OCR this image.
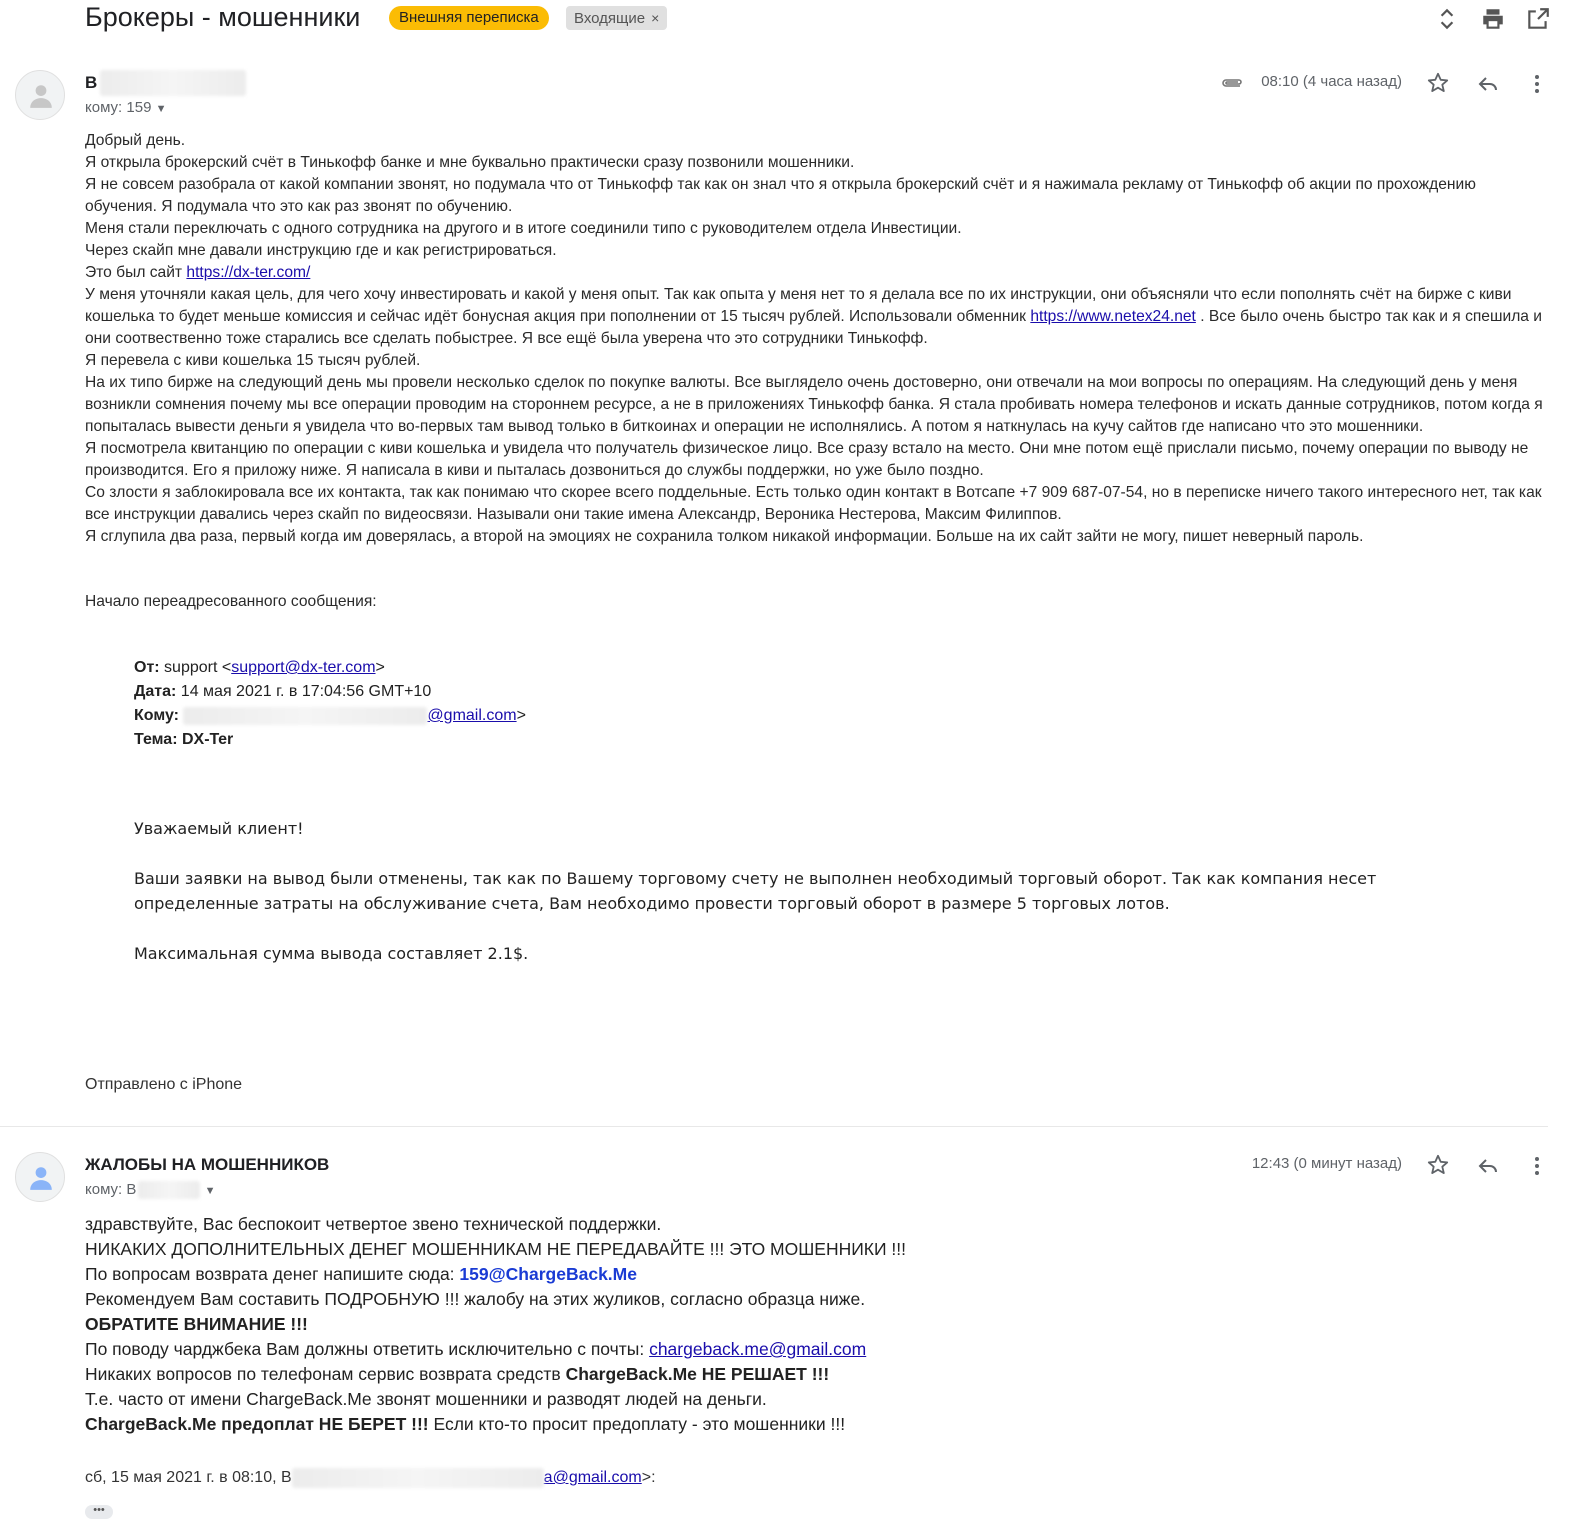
Брокеры - мошенники	Внешняя переписка	Входящие ×
В
кому: 159 ▼
08:10 (4 часа назад)

Добрый день.

Я открыла брокерский счёт в Тинькофф банке и мне буквально практически сразу позвонили мошенники.

Я не совсем разобрала от какой компании звонят, но подумала что от Тинькофф так как он знал что я открыла брокерский счёт и я нажимала рекламу от Тинькофф об акции по прохождению обучения. Я подумала что это как раз звонят по обучению.

Меня стали переключать с одного сотрудника на другого и в итоге соединили типо с руководителем отдела Инвестиции.

Через скайп мне давали инструкцию где и как регистрироваться.

Это был сайт https://dx-ter.com/

У меня уточняли какая цель, для чего хочу инвестировать и какой у меня опыт. Так как опыта у меня нет то я делала все по их инструкции, они объясняли что если пополнять счёт на бирже с киви кошелька то будет меньше комиссия и сейчас идёт бонусная акция при пополнении от 15 тысяч рублей. Использовали обменник https://www.netex24.net . Все было очень быстро так как и я спешила и они соотвественно тоже старались все сделать побыстрее. Я все ещё была уверена что это сотрудники Тинькофф.

Я перевела с киви кошелька 15 тысяч рублей.

На их типо бирже на следующий день мы провели несколько сделок по покупке валюты. Все выглядело очень достоверно, они отвечали на мои вопросы по операциям. На следующий день у меня возникли сомнения почему мы все операции проводим на стороннем ресурсе, а не в приложениях Тинькофф банка. Я стала пробивать номера телефонов и искать данные сотрудников, потом когда я попыталась вывести деньги я увидела что во-первых там вывод только в биткоинах и операции не исполнялись. А потом я наткнулась на кучу сайтов где написано что это мошенники.

Я посмотрела квитанцию по операции с киви кошелька и увидела что получатель физическое лицо. Все сразу встало на место. Они мне потом ещё прислали письмо, почему операции по выводу не производится. Его я приложу ниже. Я написала в киви и пыталась дозвониться до службы поддержки, но уже было поздно.

Со злости я заблокировала все их контакта, так как понимаю что скорее всего поддельные. Есть только один контакт в Вотсапе +7 909 687-07-54, но в переписке ничего такого интересного нет, так как все инструкции давались через скайп по видеосвязи. Называли они такие имена Александр, Вероника Нестерова, Максим Филиппов.

Я сглупила два раза, первый когда им доверялась, а второй на эмоциях не сохранила толком никакой информации. Больше на их сайт зайти не могу, пишет неверный пароль.

Начало переадресованного сообщения:
От: support <support@dx-ter.com>
Дата: 14 мая 2021 г. в 17:04:56 GMT+10
Кому:	@gmail.com>
Тема: DX-Ter

Уважаемый клиент!

Ваши заявки на вывод были отменены, так как по Вашему торговому счету не выполнен необходимый торговый оборот. Так как компания несет определенные затраты на обслуживание счета, Вам необходимо провести торговый оборот в размере 5 торговых лотов.

Максимальная сумма вывода составляет 2.1$.

Отправлено с iPhone
ЖАЛОБЫ НА МОШЕННИКОВ
кому: В	▼
12:43 (0 минут назад)

здравствуйте, Вас беспокоит четвертое звено технической поддержки.

НИКАКИХ ДОПОЛНИТЕЛЬНЫХ ДЕНЕГ МОШЕННИКАМ НЕ ПЕРЕДАВАЙТЕ !!! ЭТО МОШЕННИКИ !!!

По вопросам возврата денег напишите сюда: 159@ChargeBack.Me

Рекомендуем Вам составить ПОДРОБНУЮ !!! жалобу на этих жуликов, согласно образца ниже.

ОБРАТИТЕ ВНИМАНИЕ !!!

По поводу чарджбека Вам должны ответить исключительно с почты: chargeback.me@gmail.com

Никаких вопросов по телефонам сервис возврата средств ChargeBack.Me НЕ РЕШАЕТ !!!

Т.е. часто от имени ChargeBack.Me звонят мошенники и разводят людей на деньги.

ChargeBack.Me предоплат НЕ БЕРЕТ !!! Если кто-то просит предоплату - это мошенники !!!

сб, 15 мая 2021 г. в 08:10, В	a@gmail.com>:
•••
